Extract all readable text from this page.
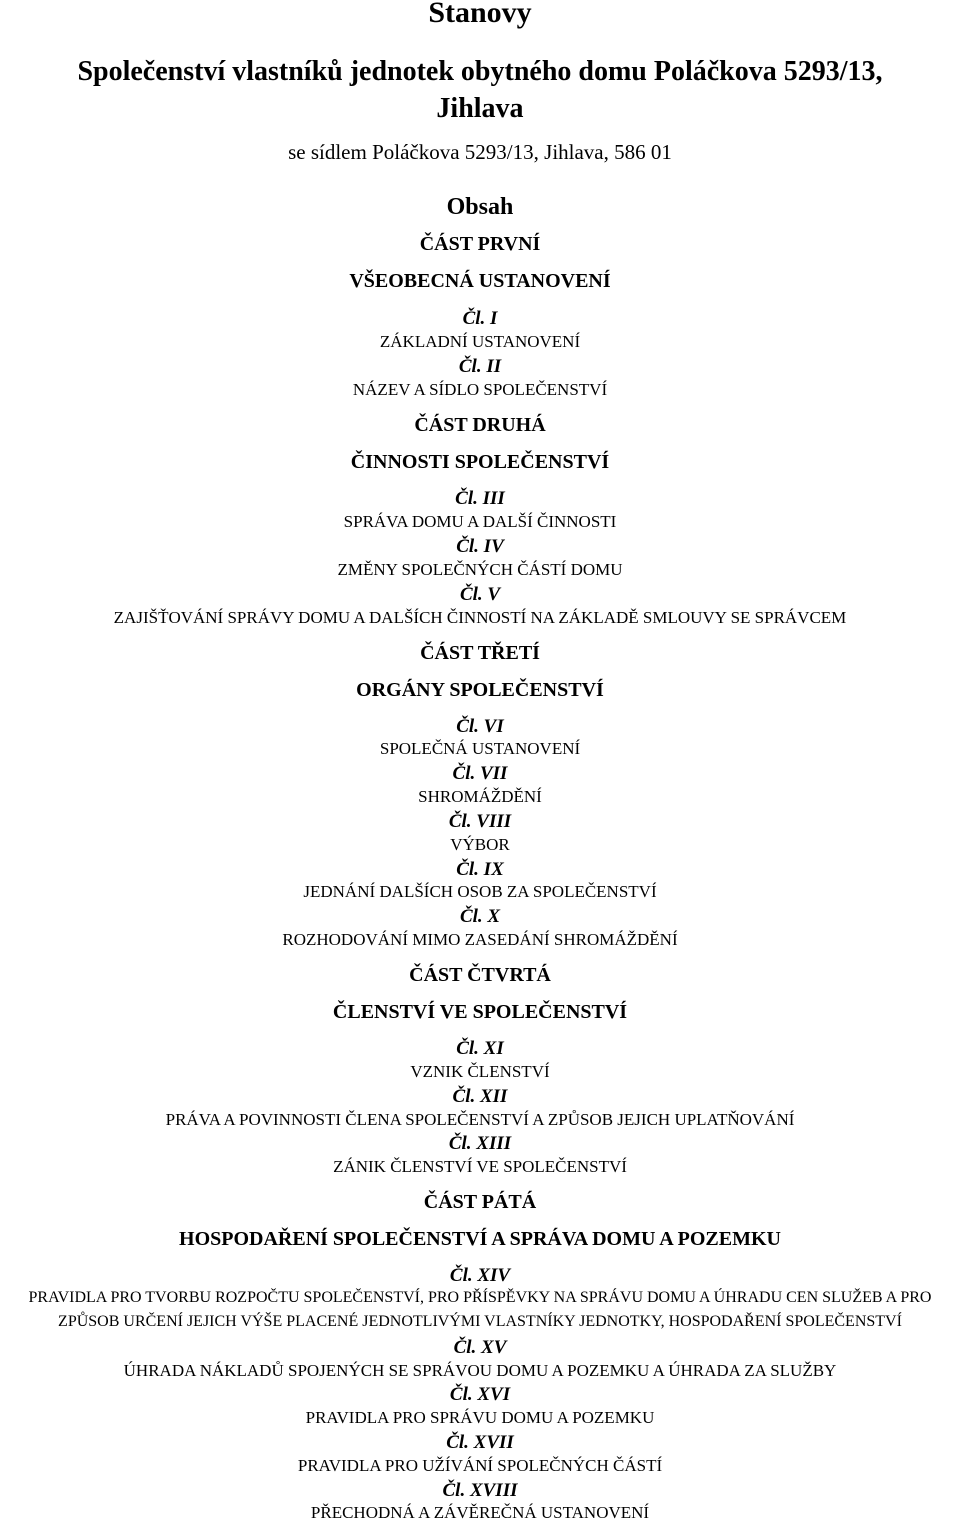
Stanovy
Společenství vlastníků jednotek obytného domu Poláčkova 5293/13,
Jihlava
se sídlem Poláčkova 5293/13, Jihlava, 586 01
Obsah
ČÁST PRVNÍ
VŠEOBECNÁ USTANOVENÍ
Čl. I
ZÁKLADNÍ USTANOVENÍ
Čl. II
NÁZEV A SÍDLO SPOLEČENSTVÍ
ČÁST DRUHÁ
ČINNOSTI SPOLEČENSTVÍ
Čl. III
SPRÁVA DOMU A DALŠÍ ČINNOSTI
Čl. IV
ZMĚNY SPOLEČNÝCH ČÁSTÍ DOMU
Čl. V
ZAJIŠŤOVÁNÍ SPRÁVY DOMU A DALŠÍCH ČINNOSTÍ NA ZÁKLADĚ SMLOUVY SE SPRÁVCEM
ČÁST TŘETÍ
ORGÁNY SPOLEČENSTVÍ
Čl. VI
SPOLEČNÁ USTANOVENÍ
Čl. VII
SHROMÁŽDĚNÍ
Čl. VIII
VÝBOR
Čl. IX
JEDNÁNÍ DALŠÍCH OSOB ZA SPOLEČENSTVÍ
Čl. X
ROZHODOVÁNÍ MIMO ZASEDÁNÍ SHROMÁŽDĚNÍ
ČÁST ČTVRTÁ
ČLENSTVÍ VE SPOLEČENSTVÍ
Čl. XI
VZNIK ČLENSTVÍ
Čl. XII
PRÁVA A POVINNOSTI ČLENA SPOLEČENSTVÍ A ZPŮSOB JEJICH UPLATŇOVÁNÍ
Čl. XIII
ZÁNIK ČLENSTVÍ VE SPOLEČENSTVÍ
ČÁST PÁTÁ
HOSPODAŘENÍ SPOLEČENSTVÍ A SPRÁVA DOMU A POZEMKU
Čl. XIV
PRAVIDLA PRO TVORBU ROZPOČTU SPOLEČENSTVÍ, PRO PŘÍSPĚVKY NA SPRÁVU DOMU A ÚHRADU CEN SLUŽEB A PRO
ZPŮSOB URČENÍ JEJICH VÝŠE PLACENÉ JEDNOTLIVÝMI VLASTNÍKY JEDNOTKY, HOSPODAŘENÍ SPOLEČENSTVÍ
Čl. XV
ÚHRADA NÁKLADŮ SPOJENÝCH SE SPRÁVOU DOMU A POZEMKU A ÚHRADA ZA SLUŽBY
Čl. XVI
PRAVIDLA PRO SPRÁVU DOMU A POZEMKU
Čl. XVII
PRAVIDLA PRO UŽÍVÁNÍ SPOLEČNÝCH ČÁSTÍ
Čl. XVIII
PŘECHODNÁ A ZÁVĚREČNÁ USTANOVENÍ
